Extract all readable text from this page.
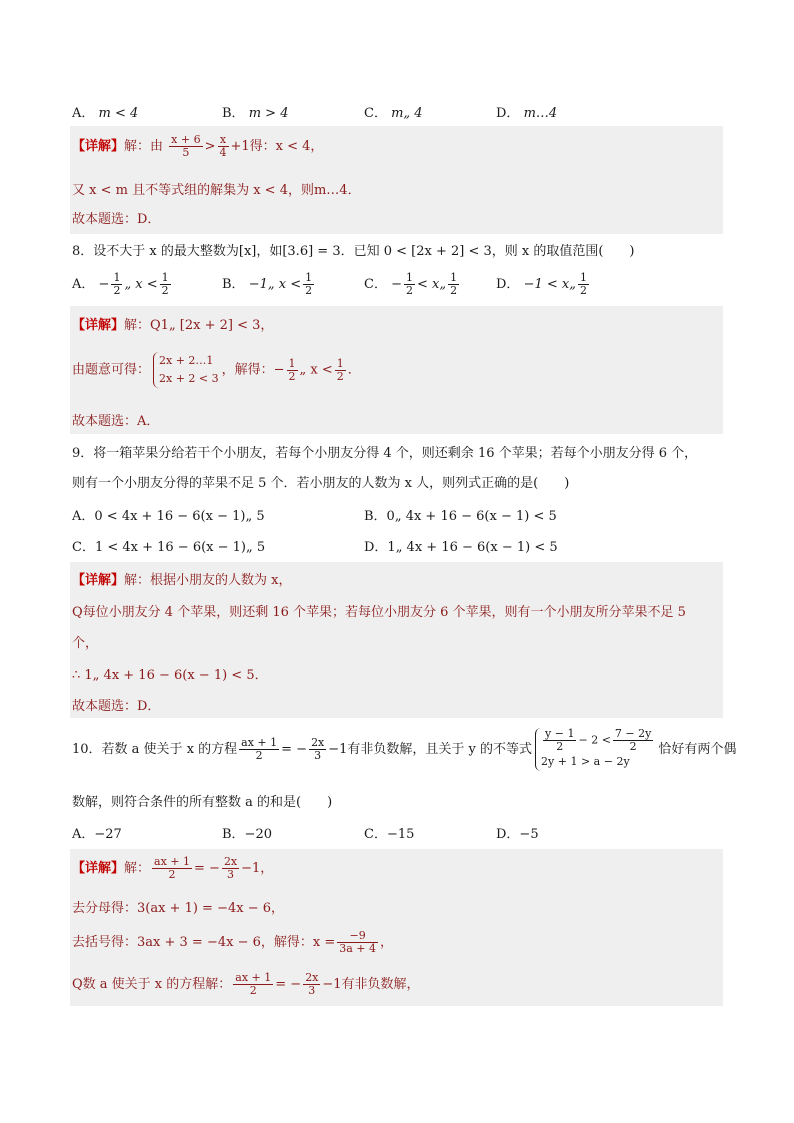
A． m < 4	B． m > 4	C． m„ 4	D． m…4
【详解】解：由 $\frac{x + 6}{5} > \frac{x}{4} +1$得：x < 4，
又 x < m 且不等式组的解集为 x < 4，则m…4．
故本题选：D．
8．设不大于 x 的最大整数为[x]，如[3.6] = 3．已知 0 < [2x + 2] < 3，则 x 的取值范围(　　)
A． − $\frac{1}{2}$ „ $x < \frac{1}{2}$	B． −1„ $x < \frac{1}{2}$	C． − $\frac{1}{2}$ < x„ $\frac{1}{2}$	D． −1 < x„ $\frac{1}{2}$
【详解】解：Q1„ [2x + 2] < 3，
由题意可得：
2x + 2…1
2x + 2 < 3
，解得：− $\frac{1}{2}$ „ $x < \frac{1}{2}$ ．
故本题选：A．
9．将一箱苹果分给若干个小朋友，若每个小朋友分得 4 个，则还剩余 16 个苹果；若每个小朋友分得 6 个，
则有一个小朋友分得的苹果不足 5 个．若小朋友的人数为 x 人，则列式正确的是(　　)
A．0 < 4x + 16 − 6(x − 1)„ 5	B．0„ 4x + 16 − 6(x − 1) < 5
C．1 < 4x + 16 − 6(x − 1)„ 5	D．1„ 4x + 16 − 6(x − 1) < 5
【详解】解：根据小朋友的人数为 x，
Q每位小朋友分 4 个苹果，则还剩 16 个苹果；若每位小朋友分 6 个苹果，则有一个小朋友所分苹果不足 5
个，
∴ 1„ 4x + 16 − 6(x − 1) < 5．
故本题选：D．
10．若数 a 使关于 x 的方程 $\frac{ax + 1}{2}$ = − $\frac{2x}{3} -1$有非负数解，且关于 y 的不等式 $\frac{y - 1}{2} - 2 < \frac{7 - 2y}{2}$
2y + 1 > a − 2y
恰好有两个偶
数解，则符合条件的所有整数 a 的和是(　　)
A．−27	B．−20	C．−15	D．−5
【详解】解： $\frac{ax + 1}{2}$ = − $\frac{2x}{3} -1$，
去分母得：3(ax + 1) = −4x − 6，
去括号得：3ax + 3 = −4x − 6，解得：$x = \frac{-9}{3a + 4}$ ，
Q数 a 使关于 x 的方程解： $\frac{ax + 1}{2}$ = − $\frac{2x}{3} -1$有非负数解，
